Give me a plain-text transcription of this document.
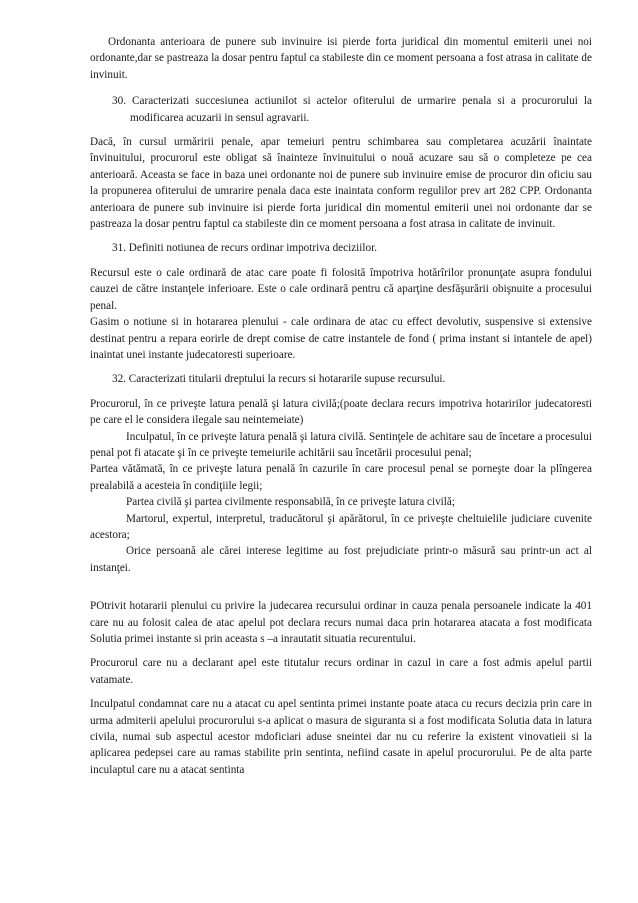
Ordonanta anterioara de punere sub invinuire isi pierde forta juridical din momentul emiterii unei noi ordonante,dar se pastreaza la dosar pentru faptul ca stabileste din ce moment persoana a fost atrasa in calitate de invinuit.

30. Caracterizati succesiunea actiunilot si actelor ofiterului de urmarire penala si a procurorului la modificarea acuzarii in sensul agravarii.

Dacă, în cursul urmăririi penale, apar temeiuri pentru schimbarea sau completarea acuzării înaintate învinuitului, procurorul este obligat să înainteze învinuitului o nouă acuzare sau să o completeze pe cea anterioară. Aceasta se face in baza unei ordonante noi de punere sub invinuire emise de procuror din oficiu sau la propunerea ofiterului de umrarire penala daca este inaintata conform regulilor prev art 282 CPP. Ordonanta anterioara de punere sub invinuire isi pierde forta juridical din momentul emiterii unei noi ordonante dar se pastreaza la dosar pentru faptul ca stabileste din ce moment persoana a fost atrasa in calitate de invinuit.

31. Definiti notiunea de recurs ordinar impotriva deciziilor.

Recursul este o cale ordinară de atac care poate fi folosită împotriva hotărîrilor pronunţate asupra fondului cauzei de către instanţele inferioare. Este o cale ordinară pentru că aparţine desfăşurării obişnuite a procesului penal.

Gasim o notiune si in hotararea plenului - cale ordinara de atac cu effect devolutiv, suspensive si extensive destinat pentru a repara eorirle de drept comise de catre instantele de fond ( prima instant si intantele de apel) inaintat unei instante judecatoresti superioare.

32. Caracterizati titularii dreptului la recurs si hotararile supuse recursului.

Procurorul, în ce priveşte latura penală şi latura civilă;(poate declara recurs impotriva hotaririlor judecatoresti pe care el le considera ilegale sau neintemeiate)

Inculpatul, în ce priveşte latura penală şi latura civilă. Sentinţele de achitare sau de încetare a procesului penal pot fi atacate şi în ce priveşte temeiurile achitării sau încetării procesului penal;

Partea vătămată, în ce priveşte latura penală în cazurile în care procesul penal se porneşte doar la plîngerea prealabilă a acesteia în condiţiile legii;

Partea civilă şi partea civilmente responsabilă, în ce priveşte latura civilă;

Martorul, expertul, interpretul, traducătorul şi apărătorul, în ce priveşte cheltuielile judiciare cuvenite acestora;

Orice persoană ale cărei interese legitime au fost prejudiciate printr-o măsură sau printr-un act al instanţei.

POtrivit hotararii plenului cu privire la judecarea recursului ordinar in cauza penala persoanele indicate la 401 care nu au folosit calea de atac apelul pot declara recurs numai daca prin hotararea atacata a fost modificata Solutia primei instante si prin aceasta s –a inrautatit situatia recurentului.

Procurorul care nu a declarant apel este titutalur recurs ordinar in cazul in care a fost admis apelul partii vatamate.

Inculpatul condamnat care nu a atacat cu apel sentinta primei instante poate ataca cu recurs decizia prin care in urma admiterii apelului procurorului s-a aplicat o masura de siguranta si a fost modificata Solutia data in latura civila, numai sub aspectul acestor mdoficiari aduse sneintei dar nu cu referire la existent vinovatieii si la aplicarea pedepsei care au ramas stabilite prin sentinta, nefiind casate in apelul procurorului. Pe de alta parte inculaptul care nu a atacat sentinta
